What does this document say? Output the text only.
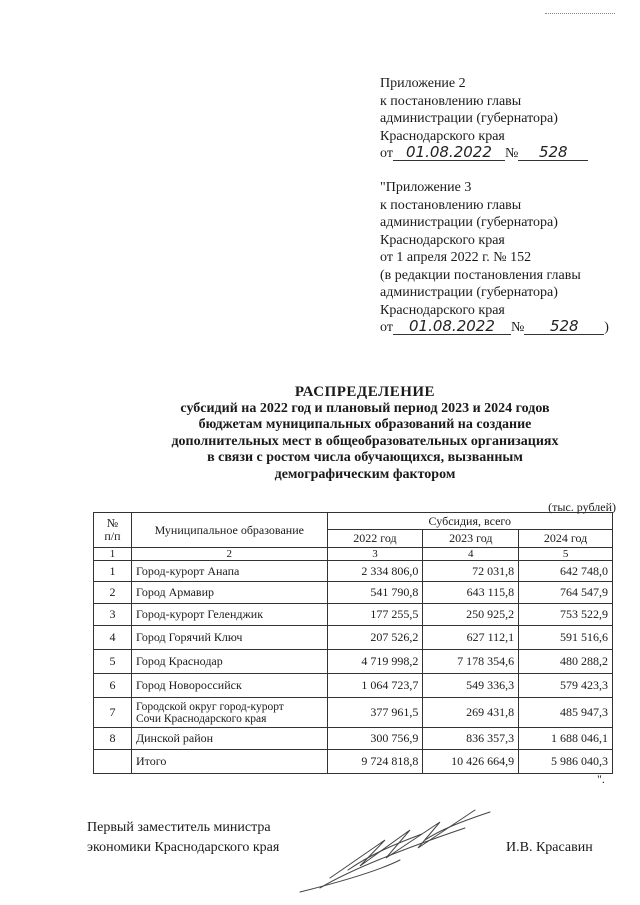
Приложение 2
к постановлению главы
администрации (губернатора)
Краснодарского края
от 01.08.2022 № 528
"Приложение 3
к постановлению главы
администрации (губернатора)
Краснодарского края
от 1 апреля 2022 г. № 152
(в редакции постановления главы
администрации (губернатора)
Краснодарского края
от 01.08.2022 № 528 )
РАСПРЕДЕЛЕНИЕ
субсидий на 2022 год и плановый период 2023 и 2024 годов
бюджетам муниципальных образований на создание
дополнительных мест в общеобразовательных организациях
в связи с ростом числа обучающихся, вызванным
демографическим фактором
(тыс. рублей)
№
п/п	Муниципальное образование	Субсидия, всего		
		2022 год	2023 год	2024 год
1	2	3	4	5
1	Город-курорт Анапа	2 334 806,0	72 031,8	642 748,0
2	Город Армавир	541 790,8	643 115,8	764 547,9
3	Город-курорт Геленджик	177 255,5	250 925,2	753 522,9
4	Город Горячий Ключ	207 526,2	627 112,1	591 516,6
5	Город Краснодар	4 719 998,2	7 178 354,6	480 288,2
6	Город Новороссийск	1 064 723,7	549 336,3	579 423,3
7	Городской округ город-курорт
Сочи Краснодарского края	377 961,5	269 431,8	485 947,3
8	Динской район	300 756,9	836 357,3	1 688 046,1
	Итого	9 724 818,8	10 426 664,9	5 986 040,3
".
Первый заместитель министра
экономики Краснодарского края	И.В. Красавин
